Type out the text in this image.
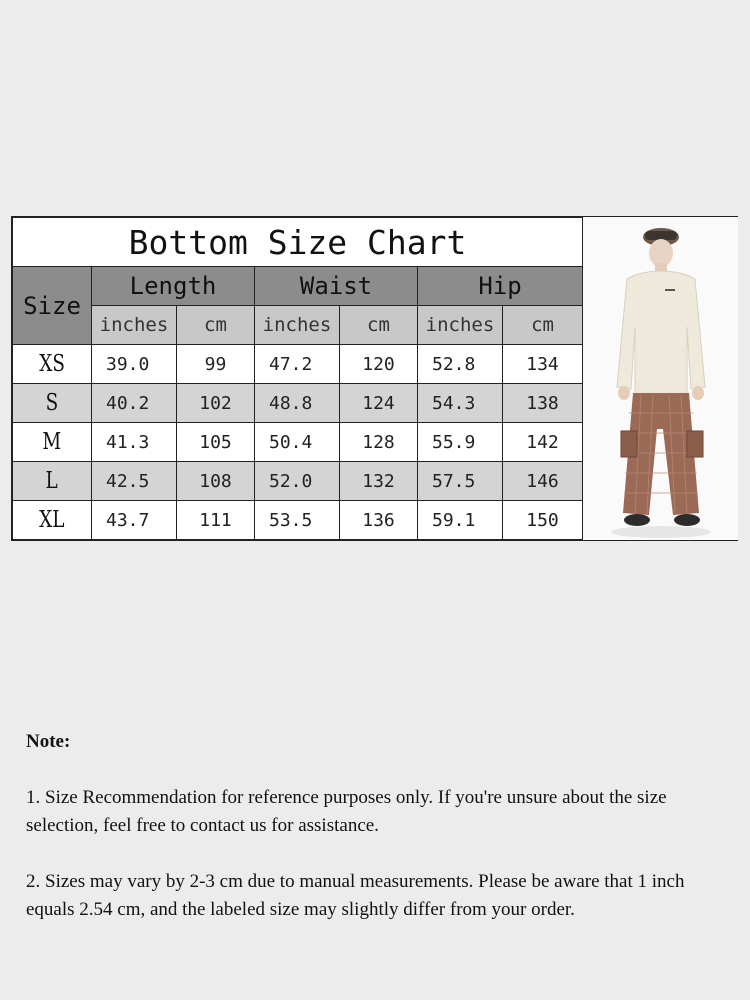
Bottom Size Chart						
Size	Length		Waist		Hip	
	inches	cm	inches	cm	inches	cm
XS	39.0	99	47.2	120	52.8	134
S	40.2	102	48.8	124	54.3	138
M	41.3	105	50.4	128	55.9	142
L	42.5	108	52.0	132	57.5	146
XL	43.7	111	53.5	136	59.1	150
Note:

1. Size Recommendation for reference purposes only. If you're unsure about the size selection, feel free to contact us for assistance.

2. Sizes may vary by 2-3 cm due to manual measurements. Please be aware that 1 inch equals 2.54 cm, and the labeled size may slightly differ from your order.
